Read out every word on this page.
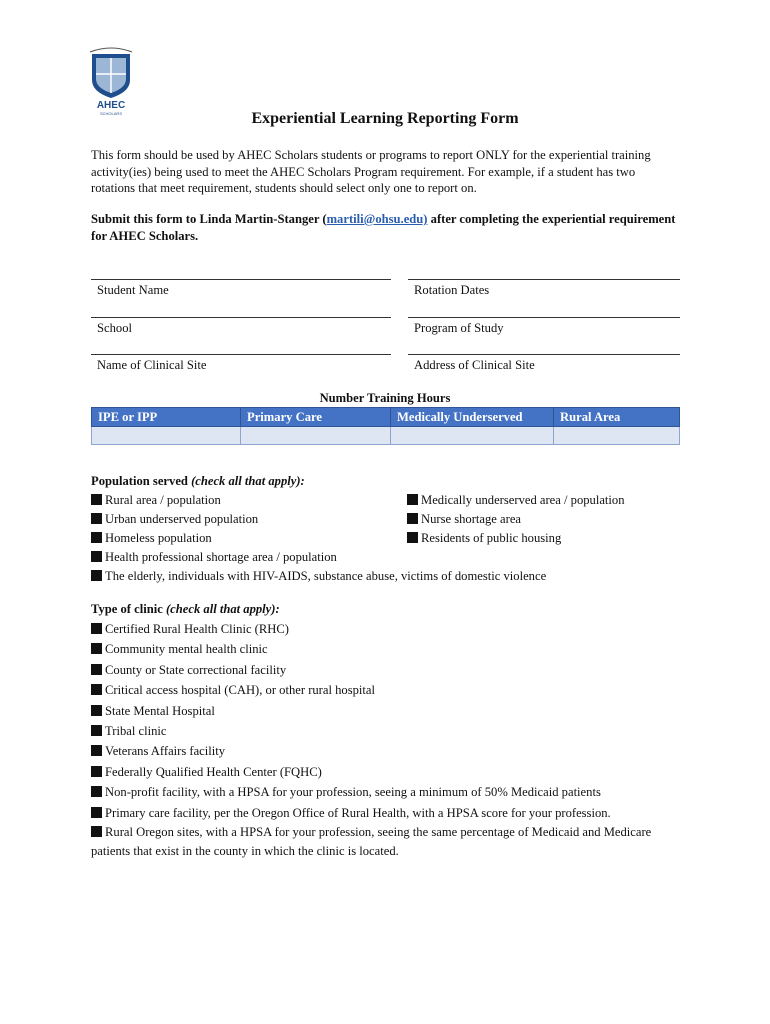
AHEC
SCHOLARS	Experiential Learning Reporting Form
This form should be used by AHEC Scholars students or programs to report ONLY for the experiential training activity(ies) being used to meet the AHEC Scholars Program requirement. For example, if a student has two rotations that meet requirement, students should select only one to report on.
Submit this form to Linda Martin-Stanger (martili@ohsu.edu) after completing the experiential requirement for AHEC Scholars.
Student Name	Rotation Dates
School	Program of Study
Name of Clinical Site	Address of Clinical Site
Number Training Hours
IPE or IPP	Primary Care	Medically Underserved	Rural Area

Population served (check all that apply):
Rural area / population
Urban underserved population
Homeless population
Medically underserved area / population
Nurse shortage area
Residents of public housing
Health professional shortage area / population
The elderly, individuals with HIV-AIDS, substance abuse, victims of domestic violence
Type of clinic (check all that apply):
Certified Rural Health Clinic (RHC)
Community mental health clinic
County or State correctional facility
Critical access hospital (CAH), or other rural hospital
State Mental Hospital
Tribal clinic
Veterans Affairs facility
Federally Qualified Health Center (FQHC)
Non-profit facility, with a HPSA for your profession, seeing a minimum of 50% Medicaid patients
Primary care facility, per the Oregon Office of Rural Health, with a HPSA score for your profession.
Rural Oregon sites, with a HPSA for your profession, seeing the same percentage of Medicaid and Medicare patients that exist in the county in which the clinic is located.
